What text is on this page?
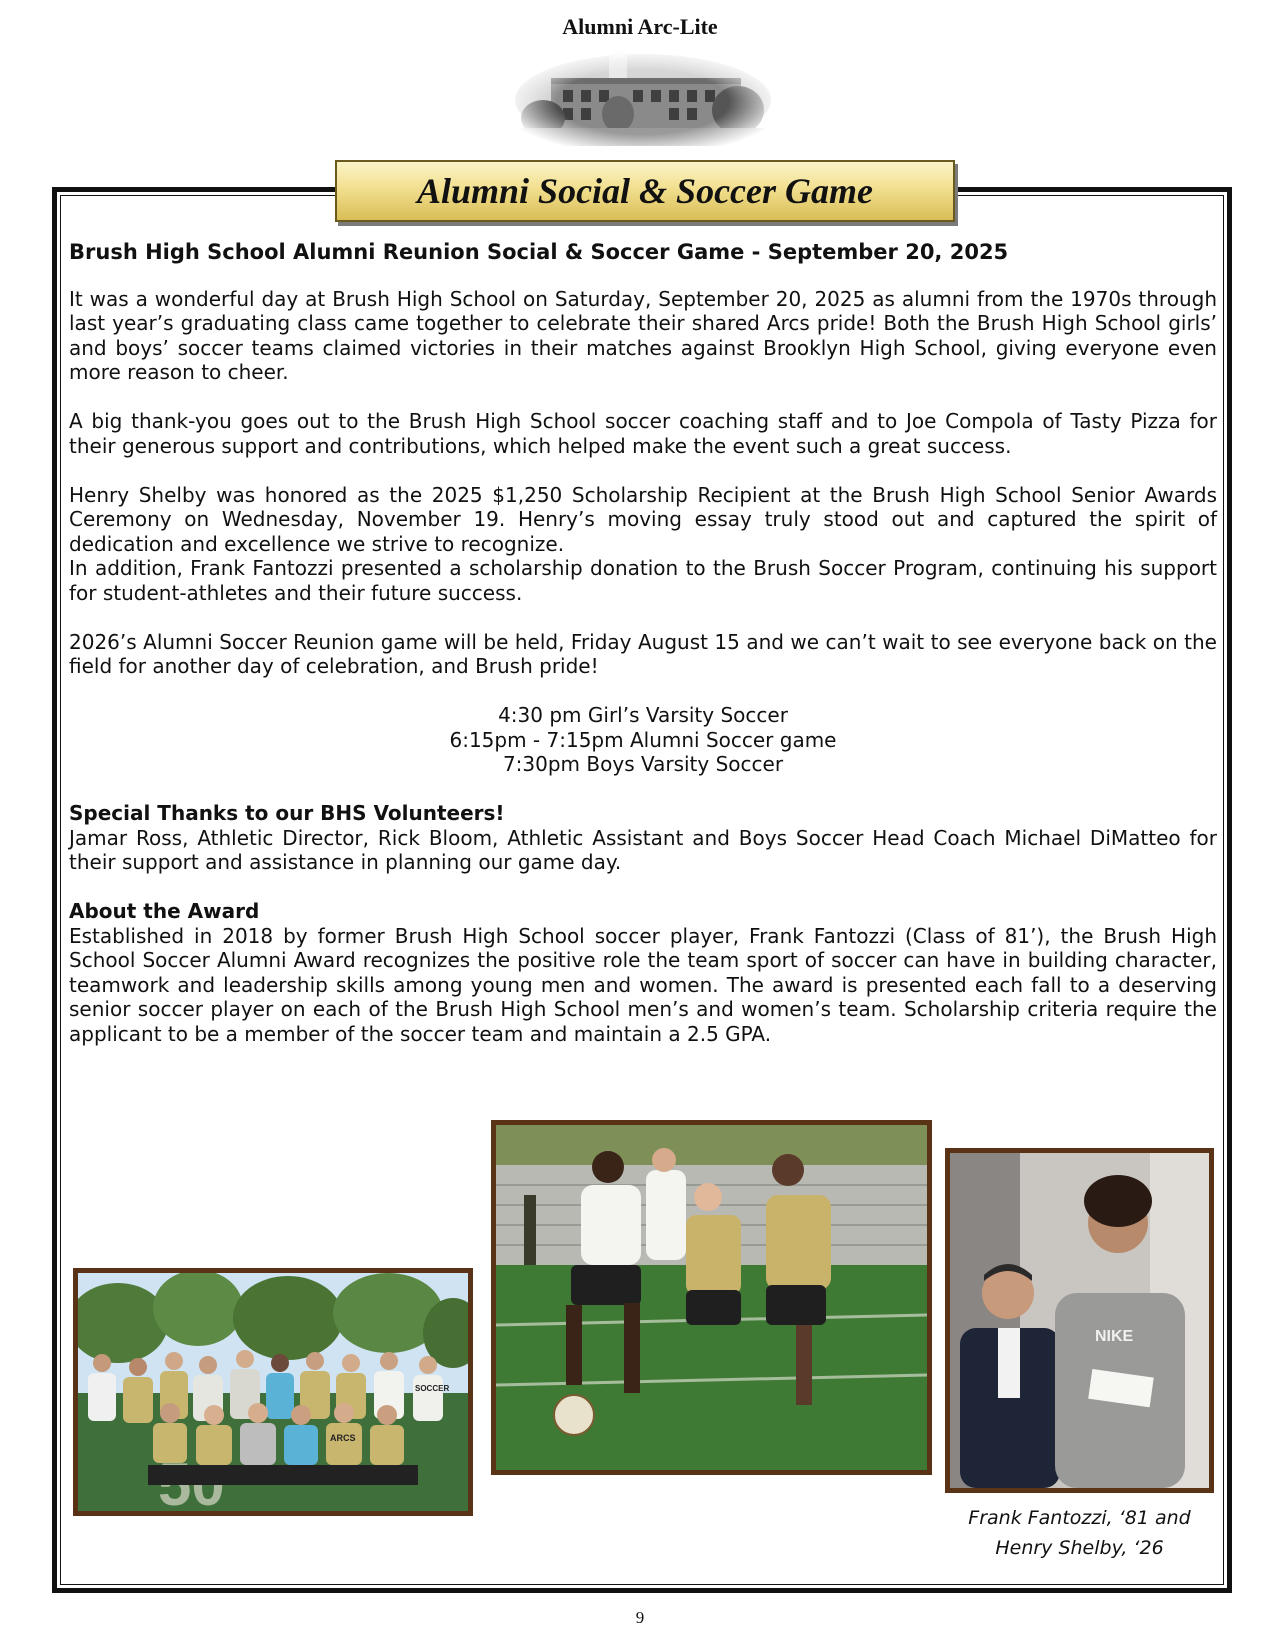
Alumni Arc-Lite
Alumni Social & Soccer Game
Brush High School Alumni Reunion Social & Soccer Game - September 20, 2025

It was a wonderful day at Brush High School on Saturday, September 20, 2025 as alumni from the 1970s through last year’s graduating class came together to celebrate their shared Arcs pride! Both the Brush High School girls’ and boys’ soccer teams claimed victories in their matches against Brooklyn High School, giving everyone even more reason to cheer.

A big thank-you goes out to the Brush High School soccer coaching staff and to Joe Compola of Tasty Pizza for their generous support and contributions, which helped make the event such a great success.

Henry Shelby was honored as the 2025 $1,250 Scholarship Recipient at the Brush High School Senior Awards Ceremony on Wednesday, November 19. Henry’s moving essay truly stood out and captured the spirit of dedication and excellence we strive to recognize.

In addition, Frank Fantozzi presented a scholarship donation to the Brush Soccer Program, continuing his support for student-athletes and their future success.

2026’s Alumni Soccer Reunion game will be held, Friday August 15 and we can’t wait to see everyone back on the field for another day of celebration, and Brush pride!

4:30 pm Girl’s Varsity Soccer
6:15pm - 7:15pm Alumni Soccer game
7:30pm Boys Varsity Soccer

Special Thanks to our BHS Volunteers!
Jamar Ross, Athletic Director, Rick Bloom, Athletic Assistant and Boys Soccer Head Coach Michael DiMatteo for their support and assistance in planning our game day.

About the Award
Established in 2018 by former Brush High School soccer player, Frank Fantozzi (Class of 81’), the Brush High School Soccer Alumni Award recognizes the positive role the team sport of soccer can have in building character, teamwork and leadership skills among young men and women. The award is presented each fall to a deserving senior soccer player on each of the Brush High School men’s and women’s team. Scholarship criteria require the applicant to be a member of the soccer team and maintain a 2.5 GPA.

SOCCER
ARCS
NIKE
Frank Fantozzi, ‘81 and
Henry Shelby, ‘26
9
